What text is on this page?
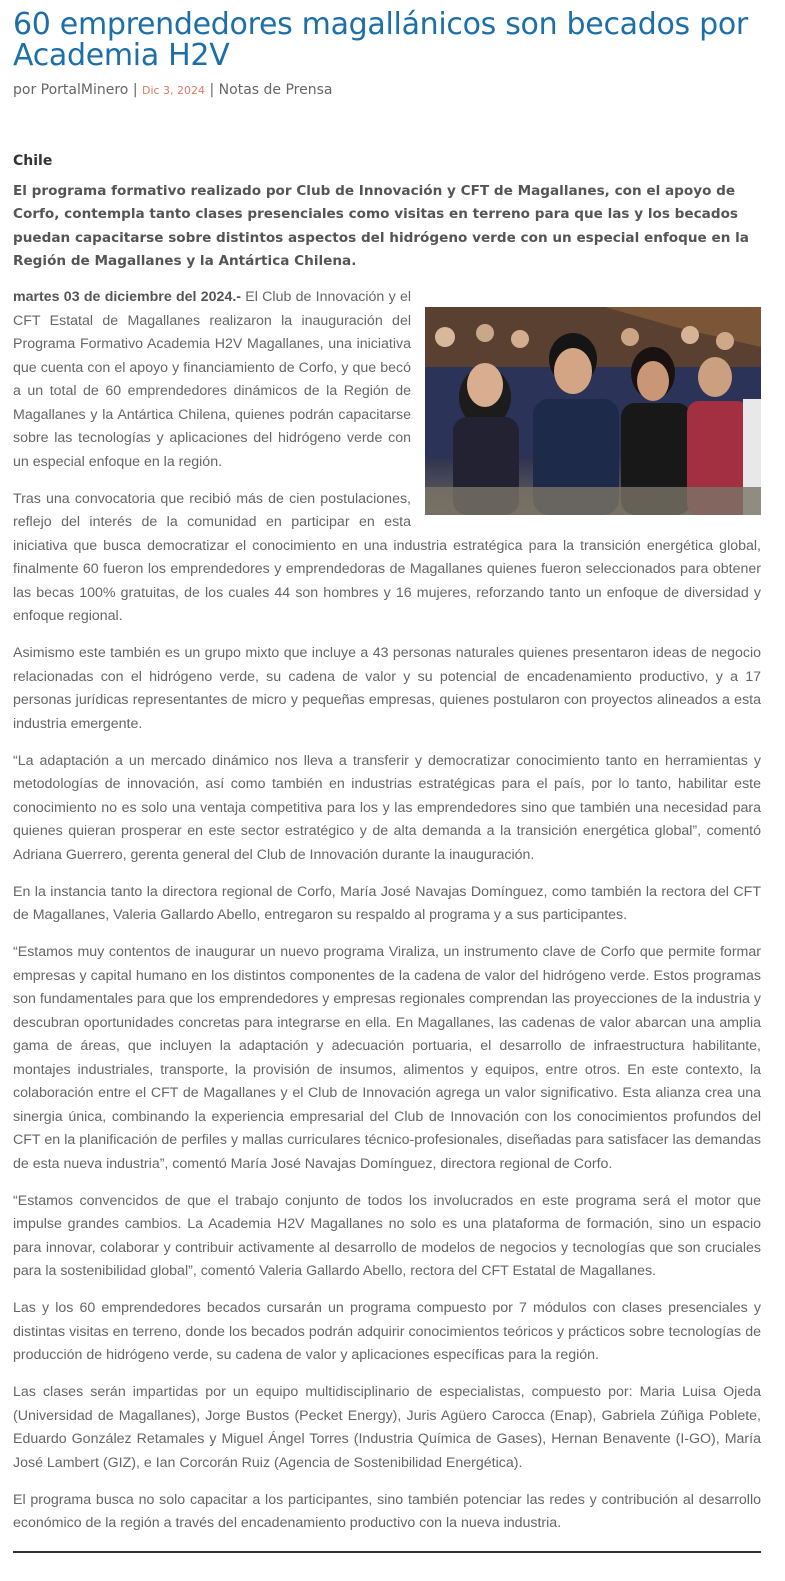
60 emprendedores magallánicos son becados por Academia H2V
por PortalMinero | Dic 3, 2024 | Notas de Prensa
Chile

El programa formativo realizado por Club de Innovación y CFT de Magallanes, con el apoyo de Corfo, contempla tanto clases presenciales como visitas en terreno para que las y los becados puedan capacitarse sobre distintos aspectos del hidrógeno verde con un especial enfoque en la Región de Magallanes y la Antártica Chilena.

martes 03 de diciembre del 2024.- El Club de Innovación y el CFT Estatal de Magallanes realizaron la inauguración del Programa Formativo Academia H2V Magallanes, una iniciativa que cuenta con el apoyo y financiamiento de Corfo, y que becó a un total de 60 emprendedores dinámicos de la Región de Magallanes y la Antártica Chilena, quienes podrán capacitarse sobre las tecnologías y aplicaciones del hidrógeno verde con un especial enfoque en la región.

Tras una convocatoria que recibió más de cien postulaciones, reflejo del interés de la comunidad en participar en esta iniciativa que busca democratizar el conocimiento en una industria estratégica para la transición energética global, finalmente 60 fueron los emprendedores y emprendedoras de Magallanes quienes fueron seleccionados para obtener las becas 100% gratuitas, de los cuales 44 son hombres y 16 mujeres, reforzando tanto un enfoque de diversidad y enfoque regional.

Asimismo este también es un grupo mixto que incluye a 43 personas naturales quienes presentaron ideas de negocio relacionadas con el hidrógeno verde, su cadena de valor y su potencial de encadenamiento productivo, y a 17 personas jurídicas representantes de micro y pequeñas empresas, quienes postularon con proyectos alineados a esta industria emergente.

“La adaptación a un mercado dinámico nos lleva a transferir y democratizar conocimiento tanto en herramientas y metodologías de innovación, así como también en industrias estratégicas para el país, por lo tanto, habilitar este conocimiento no es solo una ventaja competitiva para los y las emprendedores sino que también una necesidad para quienes quieran prosperar en este sector estratégico y de alta demanda a la transición energética global”, comentó Adriana Guerrero, gerenta general del Club de Innovación durante la inauguración.

En la instancia tanto la directora regional de Corfo, María José Navajas Domínguez, como también la rectora del CFT de Magallanes, Valeria Gallardo Abello, entregaron su respaldo al programa y a sus participantes.

“Estamos muy contentos de inaugurar un nuevo programa Viraliza, un instrumento clave de Corfo que permite formar empresas y capital humano en los distintos componentes de la cadena de valor del hidrógeno verde. Estos programas son fundamentales para que los emprendedores y empresas regionales comprendan las proyecciones de la industria y descubran oportunidades concretas para integrarse en ella. En Magallanes, las cadenas de valor abarcan una amplia gama de áreas, que incluyen la adaptación y adecuación portuaria, el desarrollo de infraestructura habilitante, montajes industriales, transporte, la provisión de insumos, alimentos y equipos, entre otros. En este contexto, la colaboración entre el CFT de Magallanes y el Club de Innovación agrega un valor significativo. Esta alianza crea una sinergia única, combinando la experiencia empresarial del Club de Innovación con los conocimientos profundos del CFT en la planificación de perfiles y mallas curriculares técnico-profesionales, diseñadas para satisfacer las demandas de esta nueva industria”, comentó María José Navajas Domínguez, directora regional de Corfo.

“Estamos convencidos de que el trabajo conjunto de todos los involucrados en este programa será el motor que impulse grandes cambios. La Academia H2V Magallanes no solo es una plataforma de formación, sino un espacio para innovar, colaborar y contribuir activamente al desarrollo de modelos de negocios y tecnologías que son cruciales para la sostenibilidad global”, comentó Valeria Gallardo Abello, rectora del CFT Estatal de Magallanes.

Las y los 60 emprendedores becados cursarán un programa compuesto por 7 módulos con clases presenciales y distintas visitas en terreno, donde los becados podrán adquirir conocimientos teóricos y prácticos sobre tecnologías de producción de hidrógeno verde, su cadena de valor y aplicaciones específicas para la región.

Las clases serán impartidas por un equipo multidisciplinario de especialistas, compuesto por: Maria Luisa Ojeda (Universidad de Magallanes), Jorge Bustos (Pecket Energy), Juris Agüero Carocca (Enap), Gabriela Zúñiga Poblete, Eduardo González Retamales y Miguel Ángel Torres (Industria Química de Gases), Hernan Benavente (I-GO), María José Lambert (GIZ), e Ian Corcorán Ruiz (Agencia de Sostenibilidad Energética).

El programa busca no solo capacitar a los participantes, sino también potenciar las redes y contribución al desarrollo económico de la región a través del encadenamiento productivo con la nueva industria.
